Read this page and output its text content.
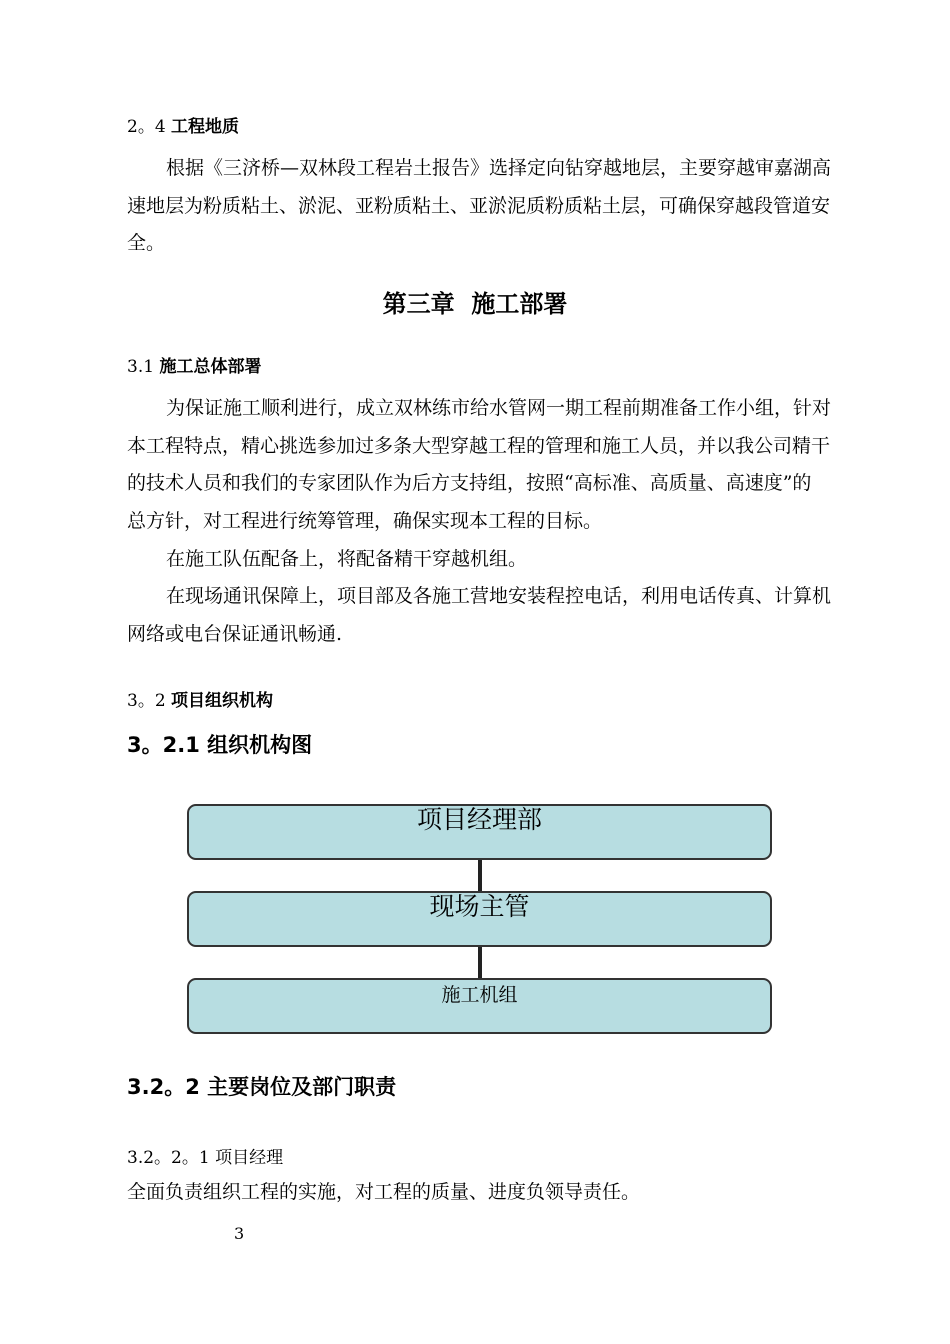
2。4 工程地质
根据《三济桥—双林段工程岩土报告》选择定向钻穿越地层，主要穿越审嘉湖高
速地层为粉质粘土、淤泥、亚粉质粘土、亚淤泥质粉质粘土层，可确保穿越段管道安
全。
第三章  施工部署
3.1 施工总体部署
为保证施工顺利进行，成立双林练市给水管网一期工程前期准备工作小组，针对
本工程特点，精心挑选参加过多条大型穿越工程的管理和施工人员，并以我公司精干
的技术人员和我们的专家团队作为后方支持组，按照“高标准、高质量、高速度”的
总方针，对工程进行统筹管理，确保实现本工程的目标。
在施工队伍配备上，将配备精干穿越机组。
在现场通讯保障上，项目部及各施工营地安装程控电话，利用电话传真、计算机
网络或电台保证通讯畅通.
3。2 项目组织机构
3。2.1 组织机构图
项目经理部
现场主管
施工机组
3.2。2 主要岗位及部门职责
3.2。2。1 项目经理
全面负责组织工程的实施，对工程的质量、进度负领导责任。
3
